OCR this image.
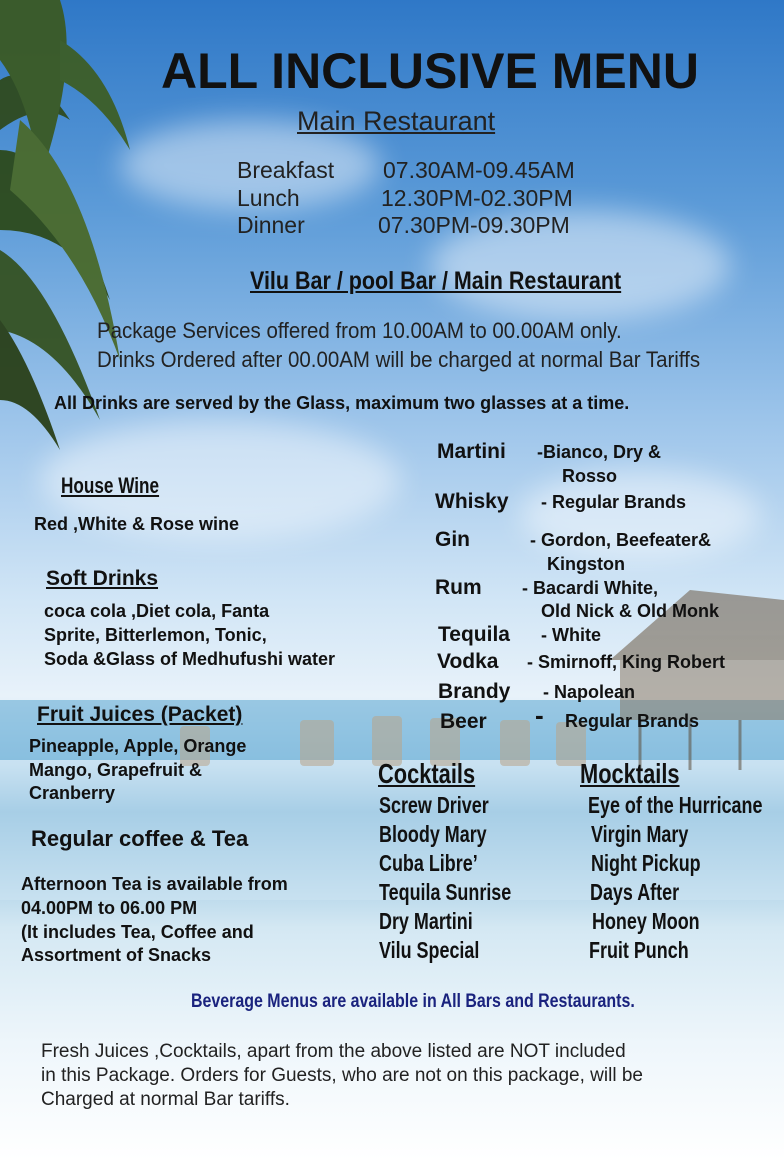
ALL INCLUSIVE MENU
Main Restaurant
Breakfast 07.30AM-09.45AM
Lunch	12.30PM-02.30PM
Dinner	07.30PM-09.30PM
Vilu Bar / pool Bar / Main Restaurant
Package Services offered from 10.00AM to 00.00AM only.
Drinks Ordered after 00.00AM will be charged at normal Bar Tariffs
All Drinks are served by the Glass, maximum two glasses at a time.
House Wine
Red ,White & Rose wine
Soft Drinks
coca cola ,Diet cola, Fanta
Sprite, Bitterlemon, Tonic,
Soda &Glass of Medhufushi water
Fruit Juices (Packet)
Pineapple, Apple, Orange
Mango, Grapefruit &
Cranberry
Regular coffee & Tea
Afternoon Tea is available from
04.00PM to 06.00 PM
(It includes Tea, Coffee and
Assortment of Snacks
Martini -Bianco, Dry &
Rosso
Whisky - Regular Brands
Gin	- Gordon, Beefeater&
Kingston
Rum - Bacardi White,
Old Nick & Old Monk
Tequila - White
Vodka - Smirnoff, King Robert
Brandy - Napolean
Beer - Regular Brands
Cocktails
Screw Driver
Bloody Mary
Cuba Libre’
Tequila Sunrise
Dry Martini
Vilu Special
Mocktails
Eye of the Hurricane
Virgin Mary
Night Pickup
Days After
Honey Moon
Fruit Punch
Beverage Menus are available in All Bars and Restaurants.
Fresh Juices ,Cocktails, apart from the above listed are NOT included
in this Package. Orders for Guests, who are not on this package, will be
Charged at normal Bar tariffs.
